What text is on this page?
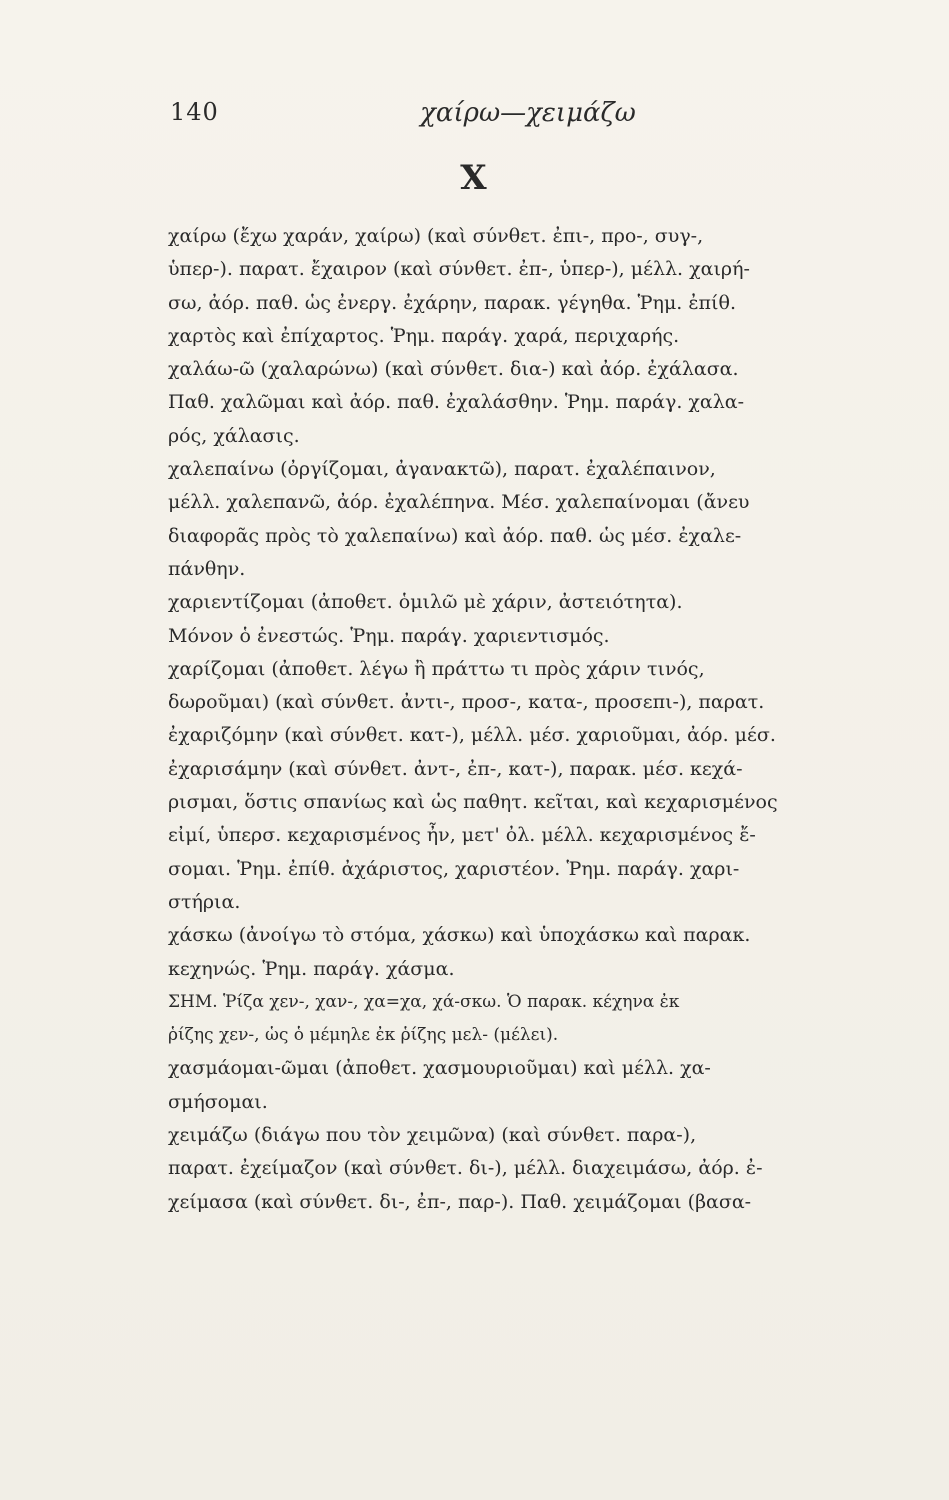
140	χαίρω—χειμάζω
X
χαίρω (ἔχω χαράν, χαίρω) (καὶ σύνθετ. ἐπι-, προ-, συγ-,
ὑπερ-). παρατ. ἔχαιρον (καὶ σύνθετ. ἐπ-, ὑπερ-), μέλλ. χαιρή-
σω, ἀόρ. παθ. ὡς ἐνεργ. ἐχάρην, παρακ. γέγηθα. Ῥημ. ἐπίθ.
χαρτὸς καὶ ἐπίχαρτος. Ῥημ. παράγ. χαρά, περιχαρής.
χαλάω-ῶ (χαλαρώνω) (καὶ σύνθετ. δια-) καὶ ἀόρ. ἐχάλασα.
Παθ. χαλῶμαι καὶ ἀόρ. παθ. ἐχαλάσθην. Ῥημ. παράγ. χαλα-
ρός, χάλασις.
χαλεπαίνω (ὀργίζομαι, ἀγανακτῶ), παρατ. ἐχαλέπαινον,
μέλλ. χαλεπανῶ, ἀόρ. ἐχαλέπηνα. Μέσ. χαλεπαίνομαι (ἄνευ
διαφορᾶς πρὸς τὸ χαλεπαίνω) καὶ ἀόρ. παθ. ὡς μέσ. ἐχαλε-
πάνθην.
χαριεντίζομαι (ἀποθετ. ὁμιλῶ μὲ χάριν, ἀστειότητα).
Μόνον ὁ ἐνεστώς. Ῥημ. παράγ. χαριεντισμός.
χαρίζομαι (ἀποθετ. λέγω ἢ πράττω τι πρὸς χάριν τινός,
δωροῦμαι) (καὶ σύνθετ. ἀντι-, προσ-, κατα-, προσεπι-), παρατ.
ἐχαριζόμην (καὶ σύνθετ. κατ-), μέλλ. μέσ. χαριοῦμαι, ἀόρ. μέσ.
ἐχαρισάμην (καὶ σύνθετ. ἀντ-, ἐπ-, κατ-), παρακ. μέσ. κεχά-
ρισμαι, ὅστις σπανίως καὶ ὡς παθητ. κεῖται, καὶ κεχαρισμένος
εἰμί, ὑπερσ. κεχαρισμένος ἦν, μετ' ὀλ. μέλλ. κεχαρισμένος ἔ-
σομαι. Ῥημ. ἐπίθ. ἀχάριστος, χαριστέον. Ῥημ. παράγ. χαρι-
στήρια.
χάσκω (ἀνοίγω τὸ στόμα, χάσκω) καὶ ὑποχάσκω καὶ παρακ.
κεχηνώς. Ῥημ. παράγ. χάσμα.
ΣΗΜ. Ῥίζα χεν-, χαν-, χα=χα, χά-σκω. Ὁ παρακ. κέχηνα ἐκ
ῥίζης χεν-, ὡς ὁ μέμηλε ἐκ ῥίζης μελ- (μέλει).
χασμάομαι-ῶμαι (ἀποθετ. χασμουριοῦμαι) καὶ μέλλ. χα-
σμήσομαι.
χειμάζω (διάγω που τὸν χειμῶνα) (καὶ σύνθετ. παρα-),
παρατ. ἐχείμαζον (καὶ σύνθετ. δι-), μέλλ. διαχειμάσω, ἀόρ. ἐ-
χείμασα (καὶ σύνθετ. δι-, ἐπ-, παρ-). Παθ. χειμάζομαι (βασα-
